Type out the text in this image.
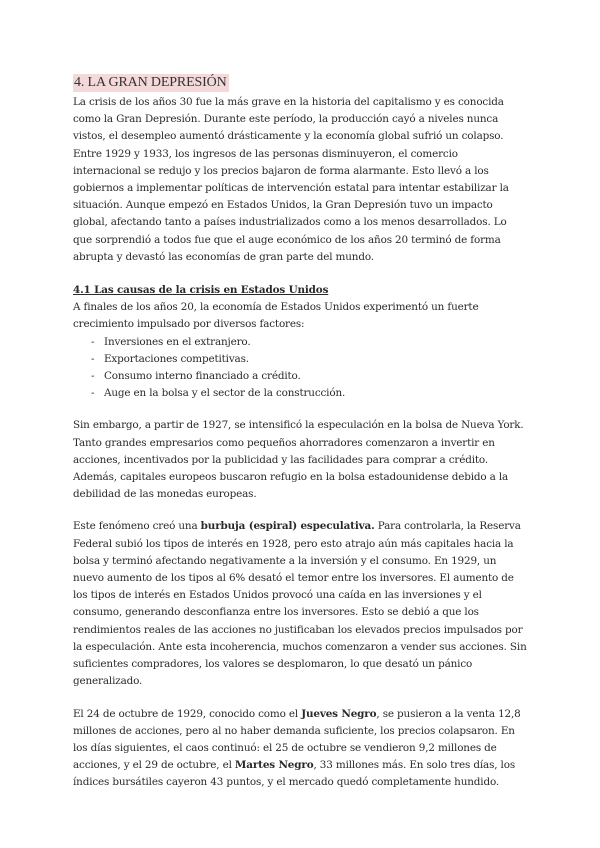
4. LA GRAN DEPRESIÓN

La crisis de los años 30 fue la más grave en la historia del capitalismo y es conocida como la Gran Depresión. Durante este período, la producción cayó a niveles nunca vistos, el desempleo aumentó drásticamente y la economía global sufrió un colapso. Entre 1929 y 1933, los ingresos de las personas disminuyeron, el comercio internacional se redujo y los precios bajaron de forma alarmante. Esto llevó a los gobiernos a implementar políticas de intervención estatal para intentar estabilizar la situación. Aunque empezó en Estados Unidos, la Gran Depresión tuvo un impacto global, afectando tanto a países industrializados como a los menos desarrollados. Lo que sorprendió a todos fue que el auge económico de los años 20 terminó de forma abrupta y devastó las economías de gran parte del mundo.

4.1 Las causas de la crisis en Estados Unidos

A finales de los años 20, la economía de Estados Unidos experimentó un fuerte crecimiento impulsado por diversos factores:

- Inversiones en el extranjero.
- Exportaciones competitivas.
- Consumo interno financiado a crédito.
- Auge en la bolsa y el sector de la construcción.

Sin embargo, a partir de 1927, se intensificó la especulación en la bolsa de Nueva York. Tanto grandes empresarios como pequeños ahorradores comenzaron a invertir en acciones, incentivados por la publicidad y las facilidades para comprar a crédito. Además, capitales europeos buscaron refugio en la bolsa estadounidense debido a la debilidad de las monedas europeas.

Este fenómeno creó una burbuja (espiral) especulativa. Para controlarla, la Reserva Federal subió los tipos de interés en 1928, pero esto atrajo aún más capitales hacia la bolsa y terminó afectando negativamente a la inversión y el consumo. En 1929, un nuevo aumento de los tipos al 6% desató el temor entre los inversores. El aumento de los tipos de interés en Estados Unidos provocó una caída en las inversiones y el consumo, generando desconfianza entre los inversores. Esto se debió a que los rendimientos reales de las acciones no justificaban los elevados precios impulsados por la especulación. Ante esta incoherencia, muchos comenzaron a vender sus acciones. Sin suficientes compradores, los valores se desplomaron, lo que desató un pánico generalizado.

El 24 de octubre de 1929, conocido como el Jueves Negro, se pusieron a la venta 12,8 millones de acciones, pero al no haber demanda suficiente, los precios colapsaron. En los días siguientes, el caos continuó: el 25 de octubre se vendieron 9,2 millones de acciones, y el 29 de octubre, el Martes Negro, 33 millones más. En solo tres días, los índices bursátiles cayeron 43 puntos, y el mercado quedó completamente hundido.
